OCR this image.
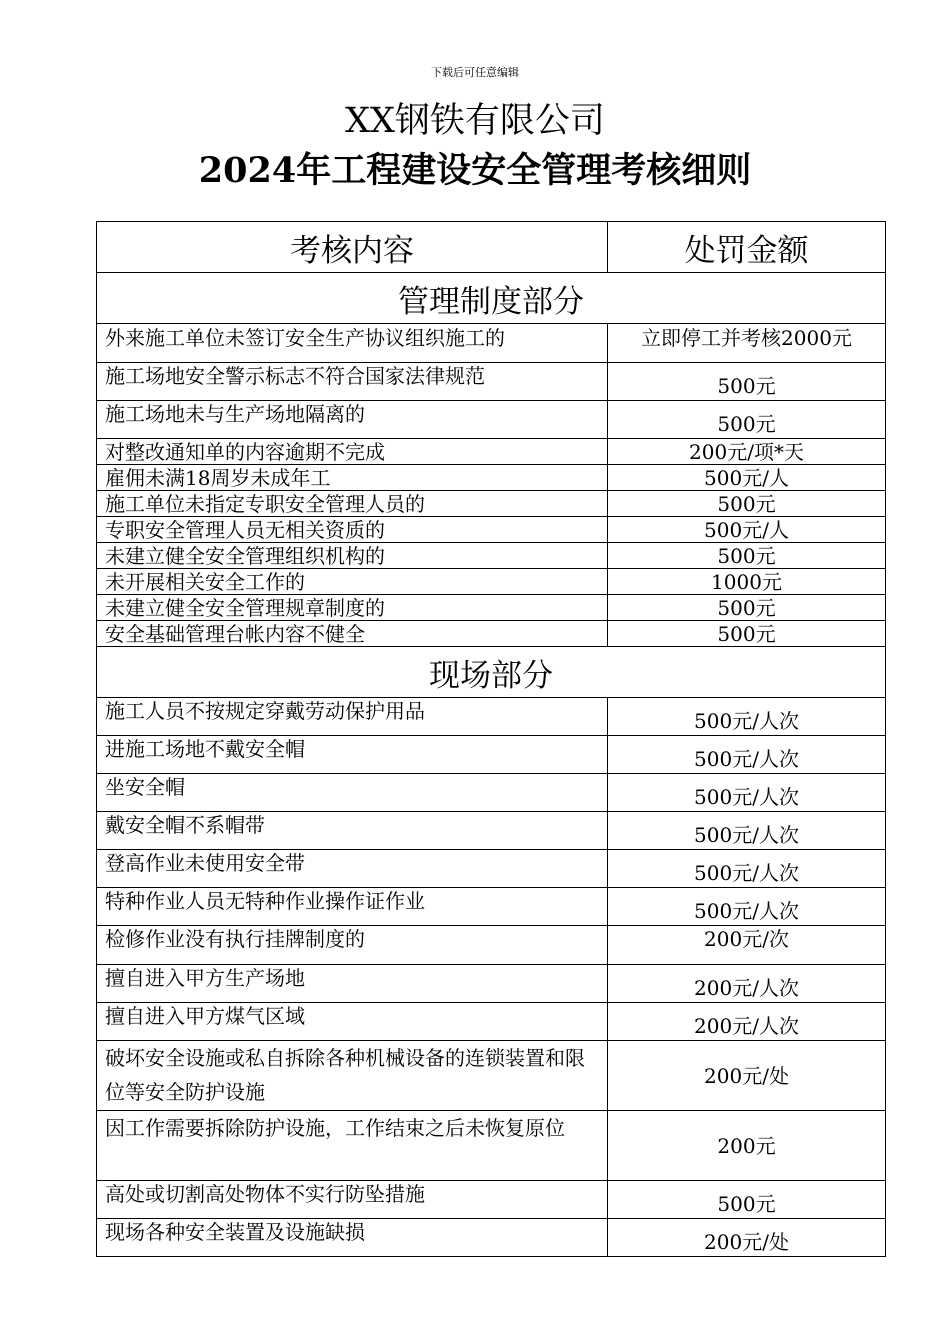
下载后可任意编辑
XX钢铁有限公司
2024年工程建设安全管理考核细则
考核内容	处罚金额
管理制度部分	
外来施工单位未签订安全生产协议组织施工的	立即停工并考核2000元
施工场地安全警示标志不符合国家法律规范	500元
施工场地未与生产场地隔离的	500元
对整改通知单的内容逾期不完成	200元/项*天
雇佣未满18周岁未成年工	500元/人
施工单位未指定专职安全管理人员的	500元
专职安全管理人员无相关资质的	500元/人
未建立健全安全管理组织机构的	500元
未开展相关安全工作的	1000元
未建立健全安全管理规章制度的	500元
安全基础管理台帐内容不健全	500元
现场部分	
施工人员不按规定穿戴劳动保护用品	500元/人次
进施工场地不戴安全帽	500元/人次
坐安全帽	500元/人次
戴安全帽不系帽带	500元/人次
登高作业未使用安全带	500元/人次
特种作业人员无特种作业操作证作业	500元/人次
检修作业没有执行挂牌制度的	200元/次
擅自进入甲方生产场地	200元/人次
擅自进入甲方煤气区域	200元/人次
破坏安全设施或私自拆除各种机械设备的连锁装置和限位等安全防护设施	200元/处
因工作需要拆除防护设施，工作结束之后未恢复原位	200元
高处或切割高处物体不实行防坠措施	500元
现场各种安全装置及设施缺损	200元/处
